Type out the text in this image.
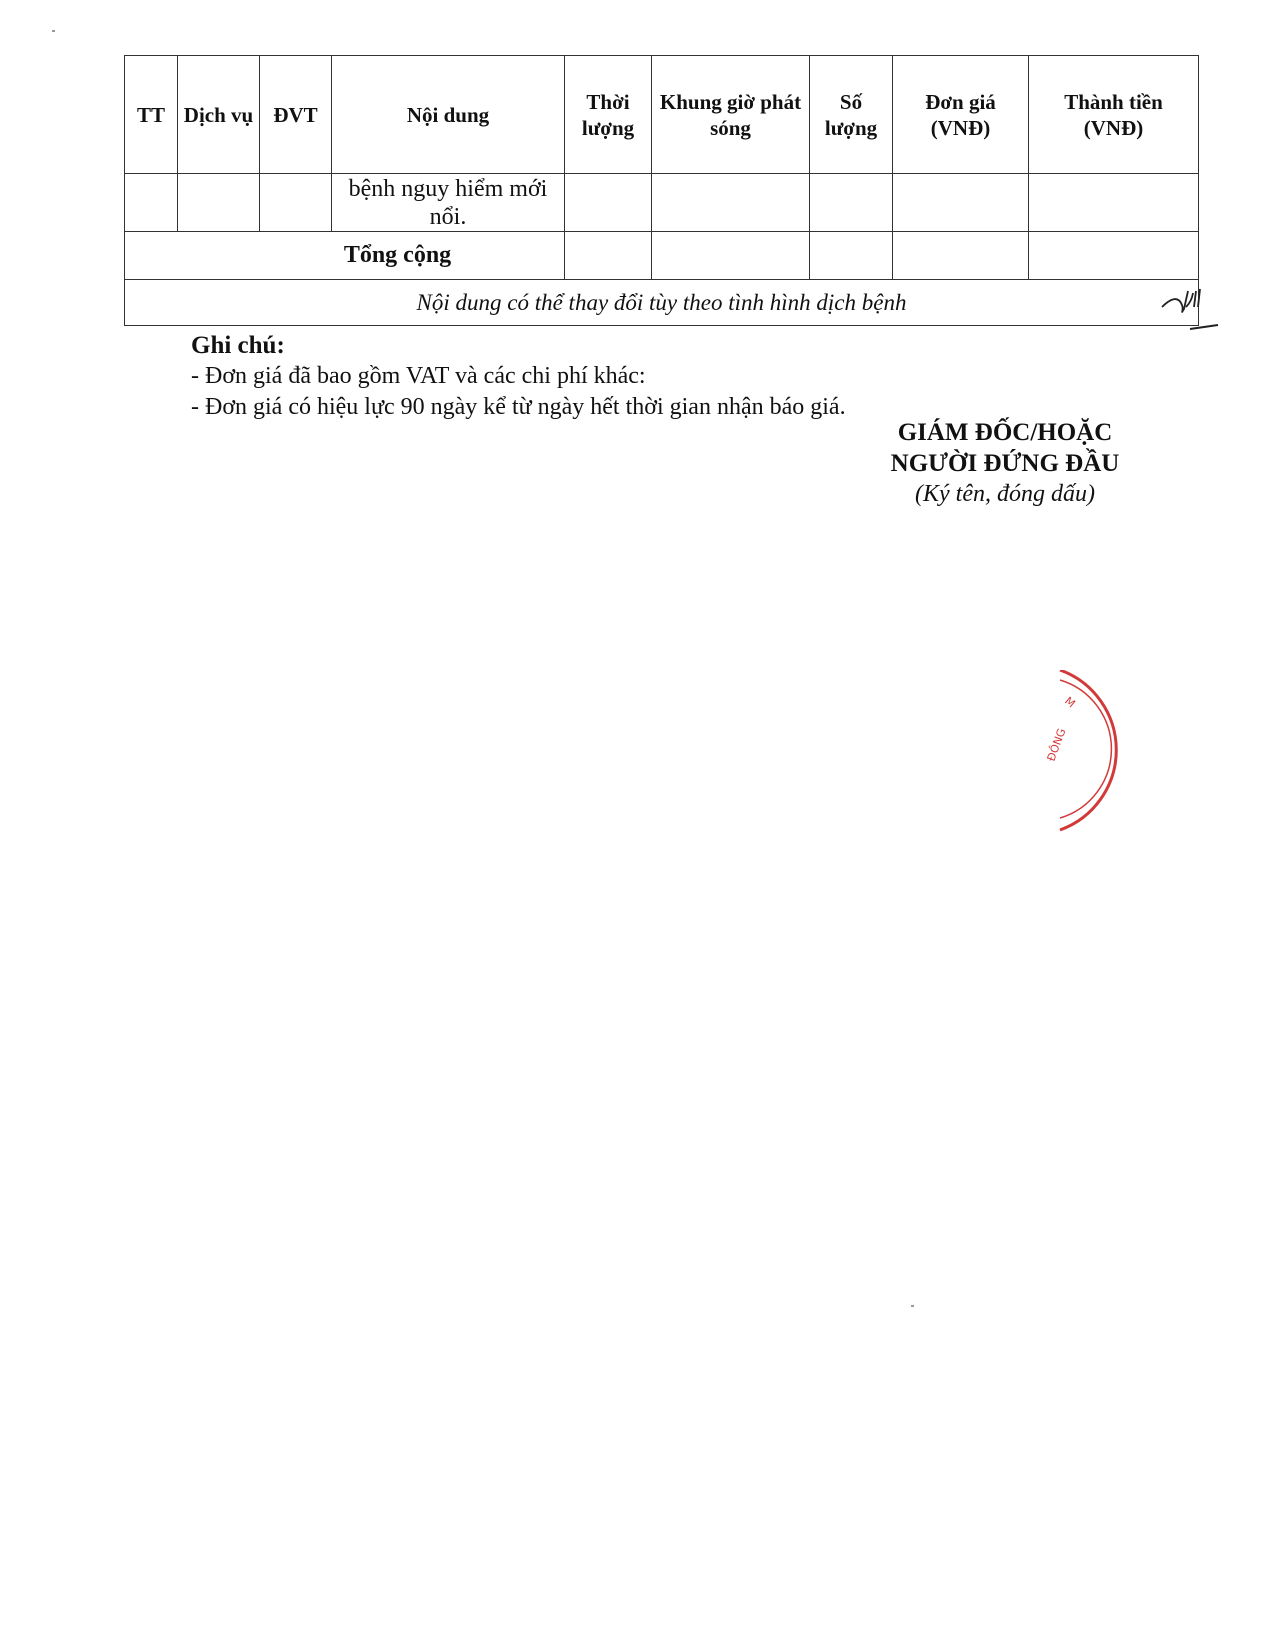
TT	Dịch vụ	ĐVT	Nội dung	Thời lượng	Khung giờ phát sóng	Số lượng	Đơn giá (VNĐ)	Thành tiền (VNĐ)
			bệnh nguy hiểm mới nổi.					
Tổng cộng								
Nội dung có thể thay đổi tùy theo tình hình dịch bệnh								
Ghi chú:
- Đơn giá đã bao gồm VAT và các chi phí khác:
- Đơn giá có hiệu lực 90 ngày kể từ ngày hết thời gian nhận báo giá.
GIÁM ĐỐC/HOẶC
NGƯỜI ĐỨNG ĐẦU
(Ký tên, đóng dấu)
M
ĐÔNG
